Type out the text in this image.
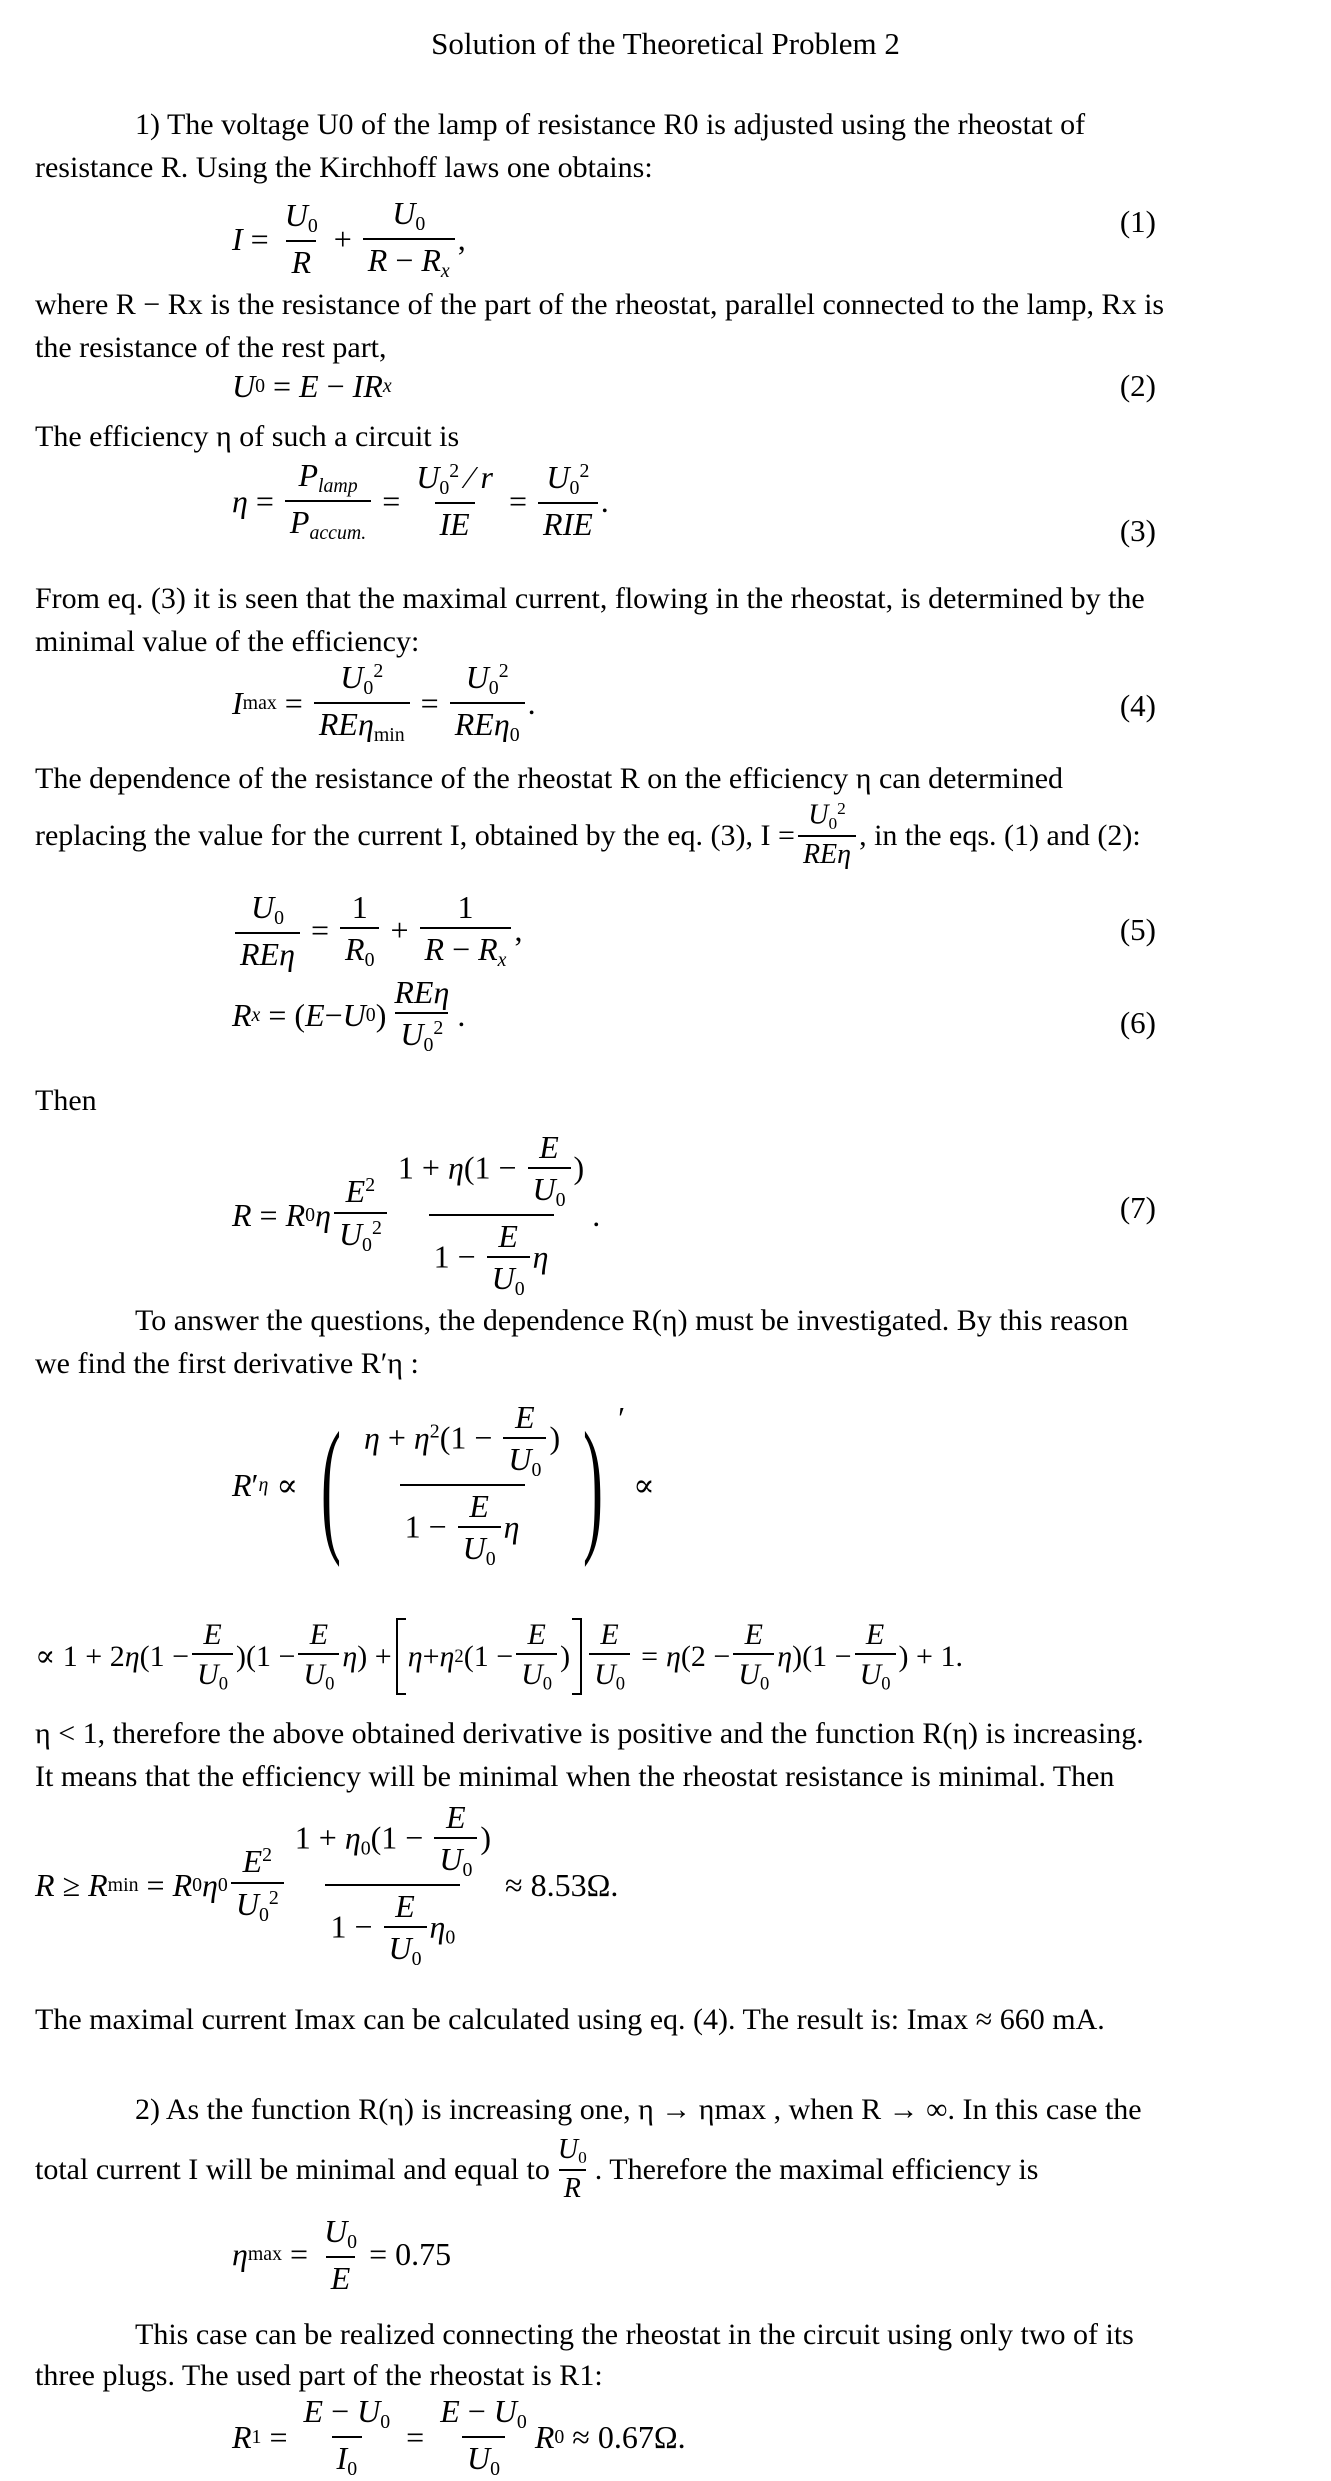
Solution of the Theoretical Problem 2
1) The voltage U0 of the lamp of resistance R0 is adjusted using the rheostat of
resistance R. Using the Kirchhoff laws one obtains:
$I = \frac{U_0}{R} + \frac{U_0}{R - R_x}$ ,	(1)
where R − Rx is the resistance of the part of the rheostat, parallel connected to the lamp, Rx is
the resistance of the rest part,
U 0 = E − IR x	(2)
The efficiency η of such a circuit is
$\eta = \frac{P_{lamp}}{P_{accum.}} = \frac{U_0^2 ⁄ r}{IE} = \frac{U_0^2}{\text{RIE}}$ .
(3)
From eq. (3) it is seen that the maximal current, flowing in the rheostat, is determined by the
minimal value of the efficiency:
I $\max = \frac{U_0^2}{RE\eta_{min}} = \frac{U_0^2}{RE\eta_0}$ .	(4)
The dependence of the resistance of the rheostat R on the efficiency η can determined
replacing the value for the current I, obtained by the eq. (3), $I = \frac{U_0^2}{\text{REη}}$ , in the eqs. (1) and (2):
$\frac{U_0}{\text{REη}} = \frac{1}{R_0} + \frac{1}{R - R_x}$ ,	(5)
R x = ( E − U 0 ) $\frac{\text{REη}}{U_0^2}$ .	(6)
Then
R = R 0 η $\frac{E^2}{U_0^2} \frac{1 + \eta(1 - \frac{E}{U_0} )}{1 - \frac{E}{U_0} \eta}$ .	(7)
To answer the questions, the dependence R(η) must be investigated. By this reason
we find the first derivative R′η :
R ′ η ∝ ( $\frac{\eta + \eta^2(1 - \frac{E}{U_0} )}{1 - \frac{E}{U_0} \eta}$ ) ′
∝
∝ 1 + 2 η $(1 - \frac{E}{U_0} )(1 - \frac{E}{U_0}$ η ) + η + η 2 ($1 - \frac{E}{U_0}$ ) $\frac{E}{U_0} = \eta$ ($2 - \frac{E}{U_0}$ η )($1 - \frac{E}{U_0}$ ) + 1.
η < 1, therefore the above obtained derivative is positive and the function R(η) is increasing.
It means that the efficiency will be minimal when the rheostat resistance is minimal. Then
R ≥ R min = R 0 η $0 \frac{E^2}{U_0^2} \frac{1 + \eta_0(1 - \frac{E}{U_0} )}{1 - \frac{E}{U_0} \eta_0} \approx 8.53\Omega$.
The maximal current Imax can be calculated using eq. (4). The result is: Imax ≈ 660 mA.
2) As the function R(η) is increasing one, η → ηmax , when R → ∞. In this case the
total current I will be minimal and equal to $\frac{U_0}{R}$ . Therefore the maximal efficiency is
η $\max = \frac{U_0}{E} = 0.75$
This case can be realized connecting the rheostat in the circuit using only two of its
three plugs. The used part of the rheostat is R1:
R $1 = \frac{E - U_0}{I_0} = \frac{E - U_0}{U_0}$ R 0 ≈ 0.67Ω.
